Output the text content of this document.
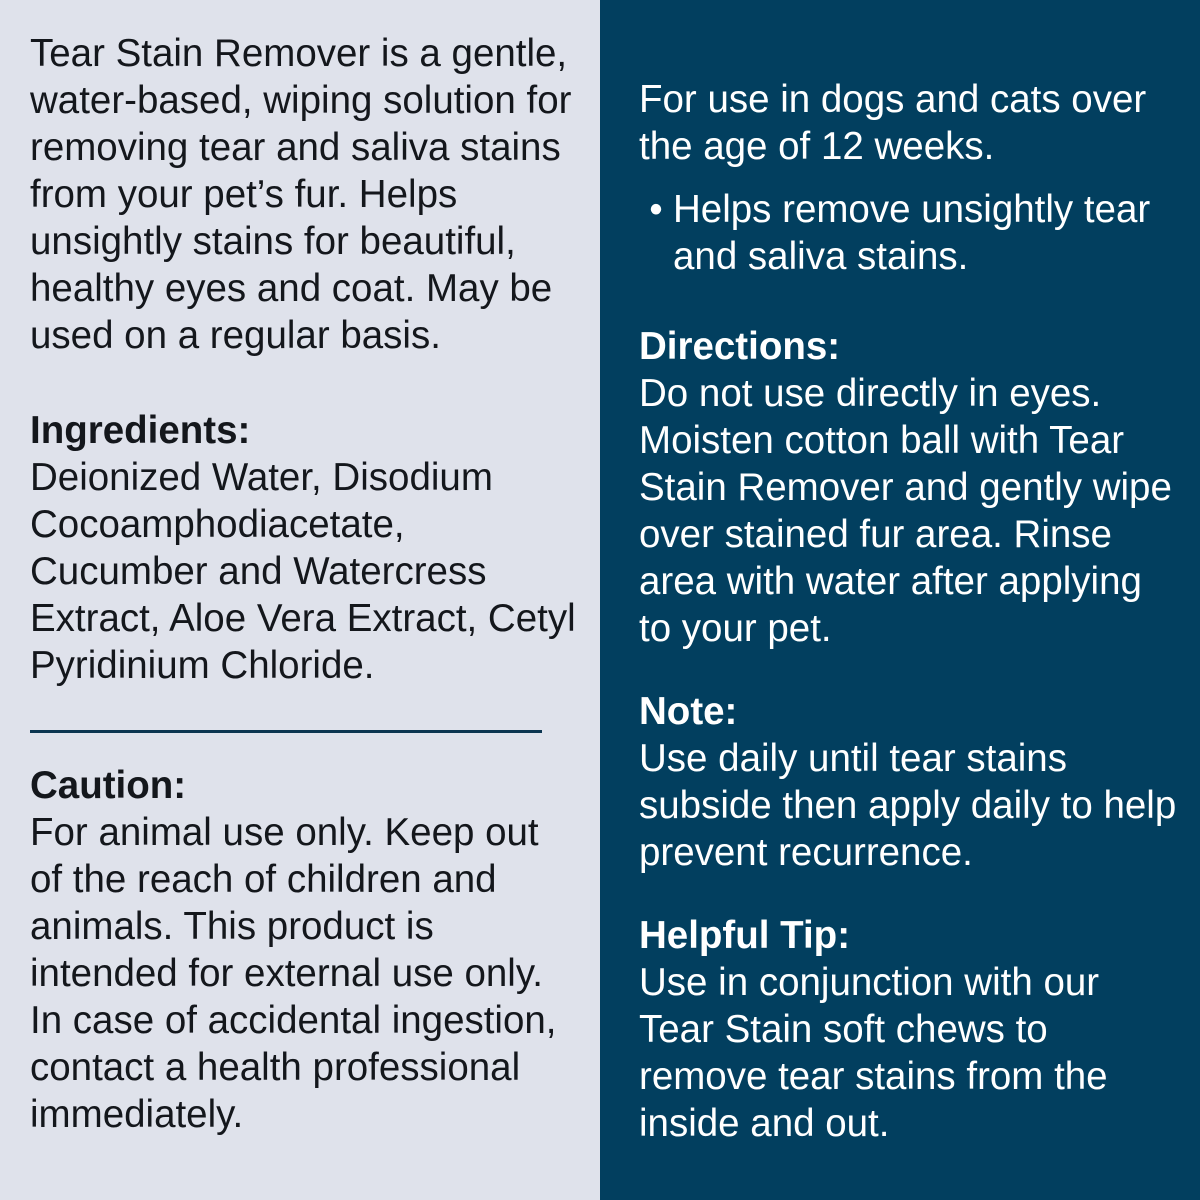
Tear Stain Remover is a gentle, water-based, wiping solution for removing tear and saliva stains from your pet’s fur. Helps unsightly stains for beautiful, healthy eyes and coat. May be used on a regular basis.

Ingredients:

Deionized Water, Disodium Cocoamphodiacetate, Cucumber and Watercress Extract, Aloe Vera Extract, Cetyl Pyridinium Chloride.

Caution:

For animal use only. Keep out of the reach of children and animals. This product is intended for external use only. In case of accidental ingestion, contact a health professional immediately.

For use in dogs and cats over the age of 12 weeks.

• Helps remove unsightly tear and saliva stains.

Directions:

Do not use directly in eyes. Moisten cotton ball with Tear Stain Remover and gently wipe over stained fur area. Rinse area with water after applying to your pet.

Note:

Use daily until tear stains subside then apply daily to help prevent recurrence.

Helpful Tip:

Use in conjunction with our Tear Stain soft chews to remove tear stains from the inside and out.
